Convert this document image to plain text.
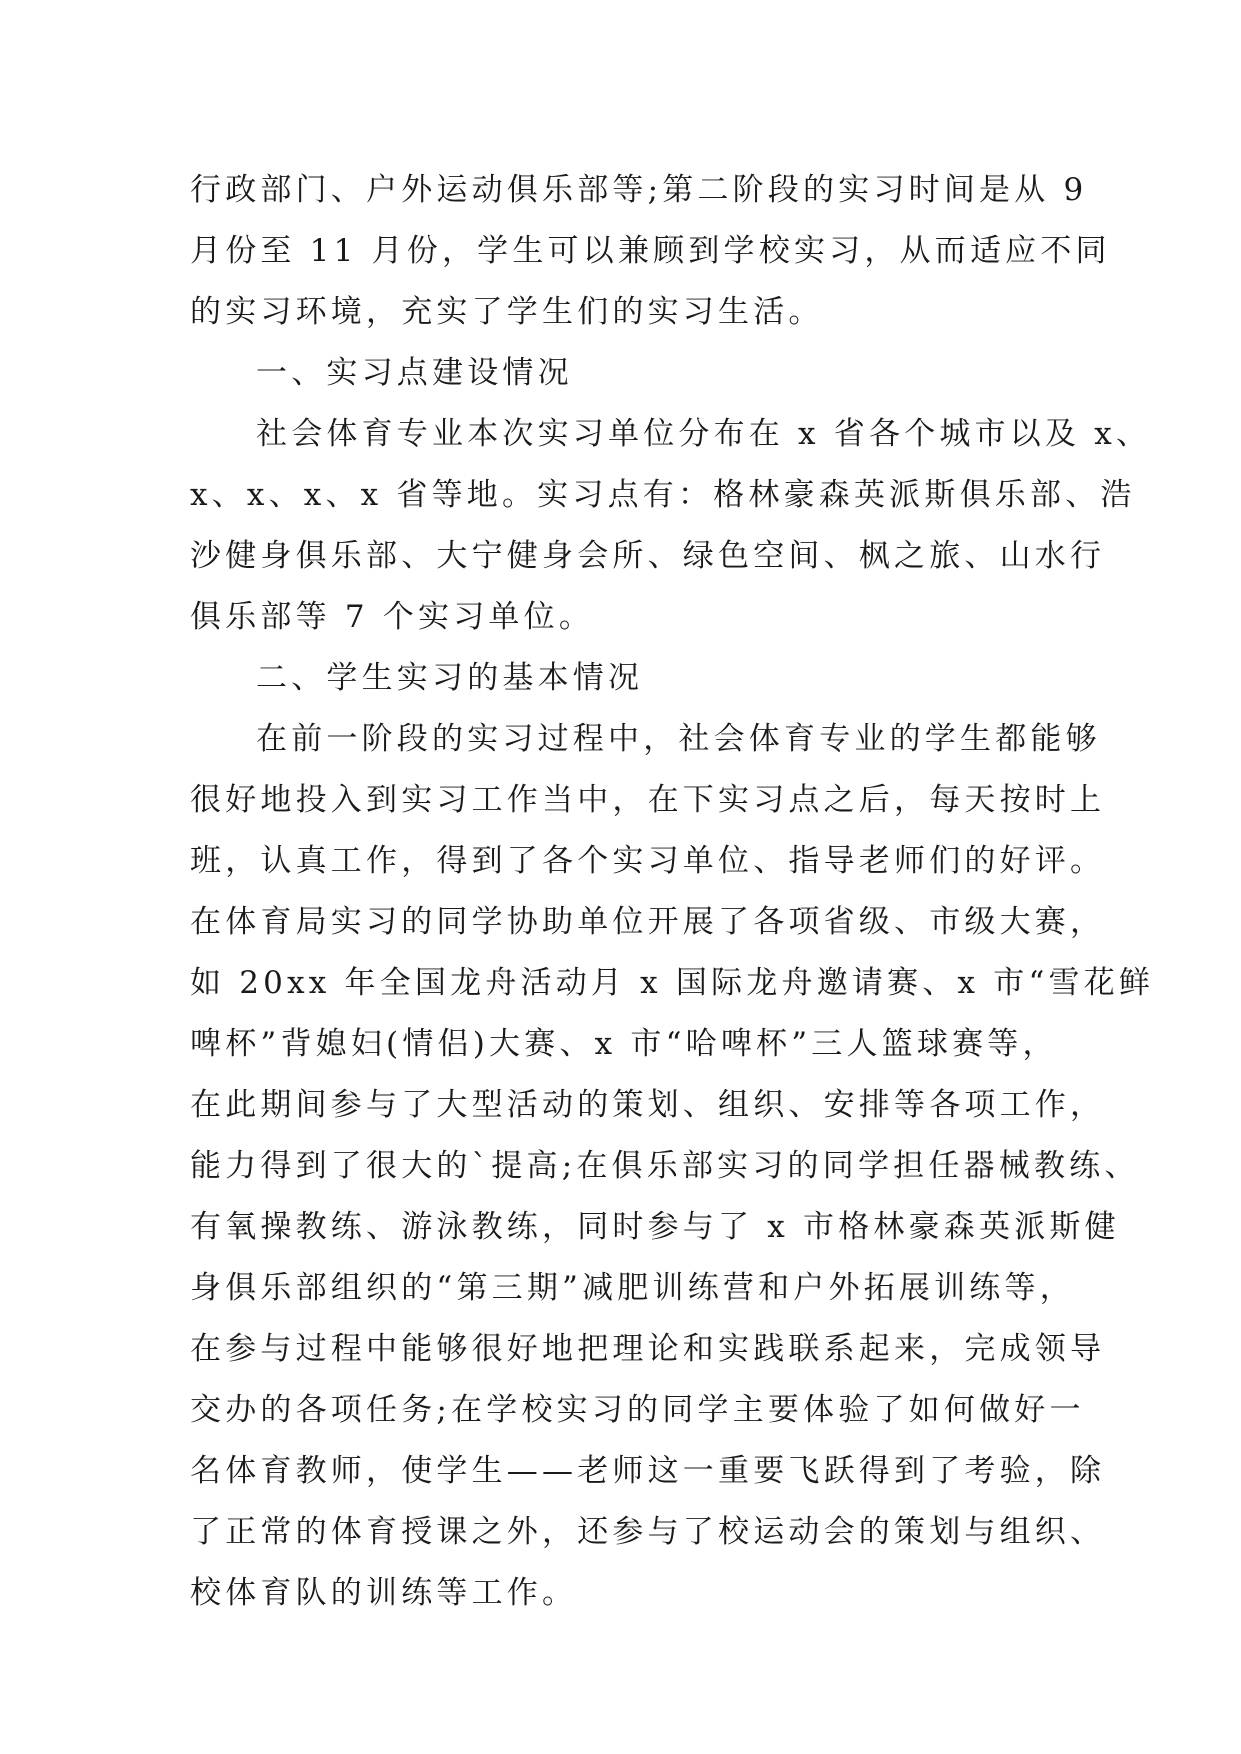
行政部门、户外运动俱乐部等;第二阶段的实习时间是从 9
月份至 11 月份，学生可以兼顾到学校实习，从而适应不同
的实习环境，充实了学生们的实习生活。
一、实习点建设情况
社会体育专业本次实习单位分布在 x 省各个城市以及 x、
x、x、x、x 省等地。实习点有：格林豪森英派斯俱乐部、浩
沙健身俱乐部、大宁健身会所、绿色空间、枫之旅、山水行
俱乐部等 7 个实习单位。
二、学生实习的基本情况
在前一阶段的实习过程中，社会体育专业的学生都能够
很好地投入到实习工作当中，在下实习点之后，每天按时上
班，认真工作，得到了各个实习单位、指导老师们的好评。
在体育局实习的同学协助单位开展了各项省级、市级大赛，
如 20xx 年全国龙舟活动月 x 国际龙舟邀请赛、x 市“雪花鲜
啤杯”背媳妇(情侣)大赛、x 市“哈啤杯”三人篮球赛等，
在此期间参与了大型活动的策划、组织、安排等各项工作，
能力得到了很大的`提高;在俱乐部实习的同学担任器械教练、
有氧操教练、游泳教练，同时参与了 x 市格林豪森英派斯健
身俱乐部组织的“第三期”减肥训练营和户外拓展训练等，
在参与过程中能够很好地把理论和实践联系起来，完成领导
交办的各项任务;在学校实习的同学主要体验了如何做好一
名体育教师，使学生——老师这一重要飞跃得到了考验，除
了正常的体育授课之外，还参与了校运动会的策划与组织、
校体育队的训练等工作。
